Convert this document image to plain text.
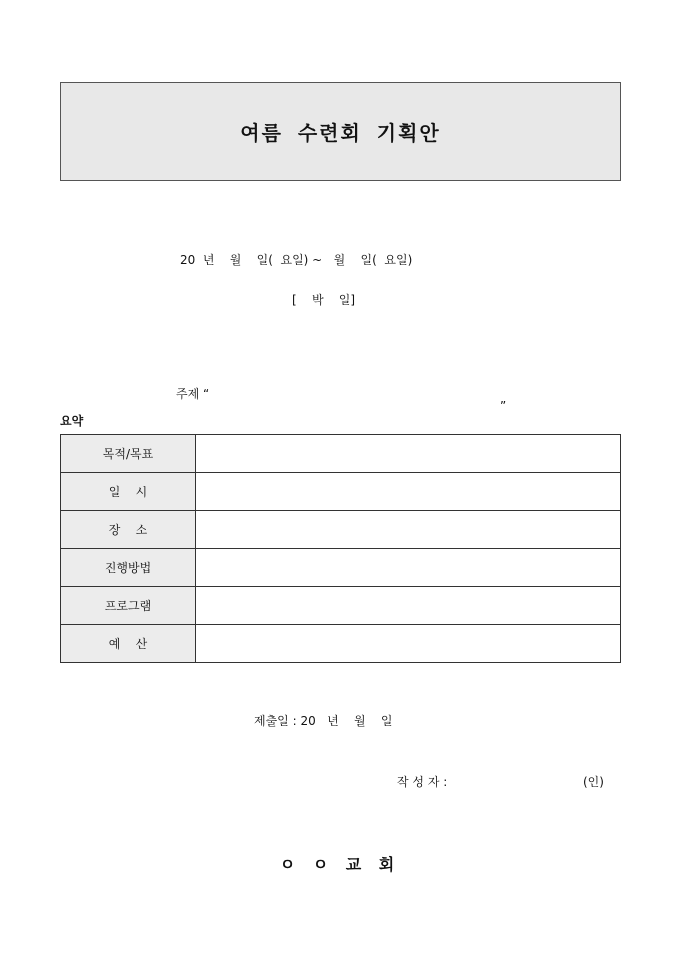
여름 수련회 기획안
20  년    월    일(  요일) ~   월    일(  요일)
[    박    일]

주제 “

”

요약
목적/목표	
일    시	
장    소	
진행방법	
프로그램	
예    산	
제출일 : 20   년    월    일
작 성 자 :	(인)
ㅇ ㅇ 교 회
